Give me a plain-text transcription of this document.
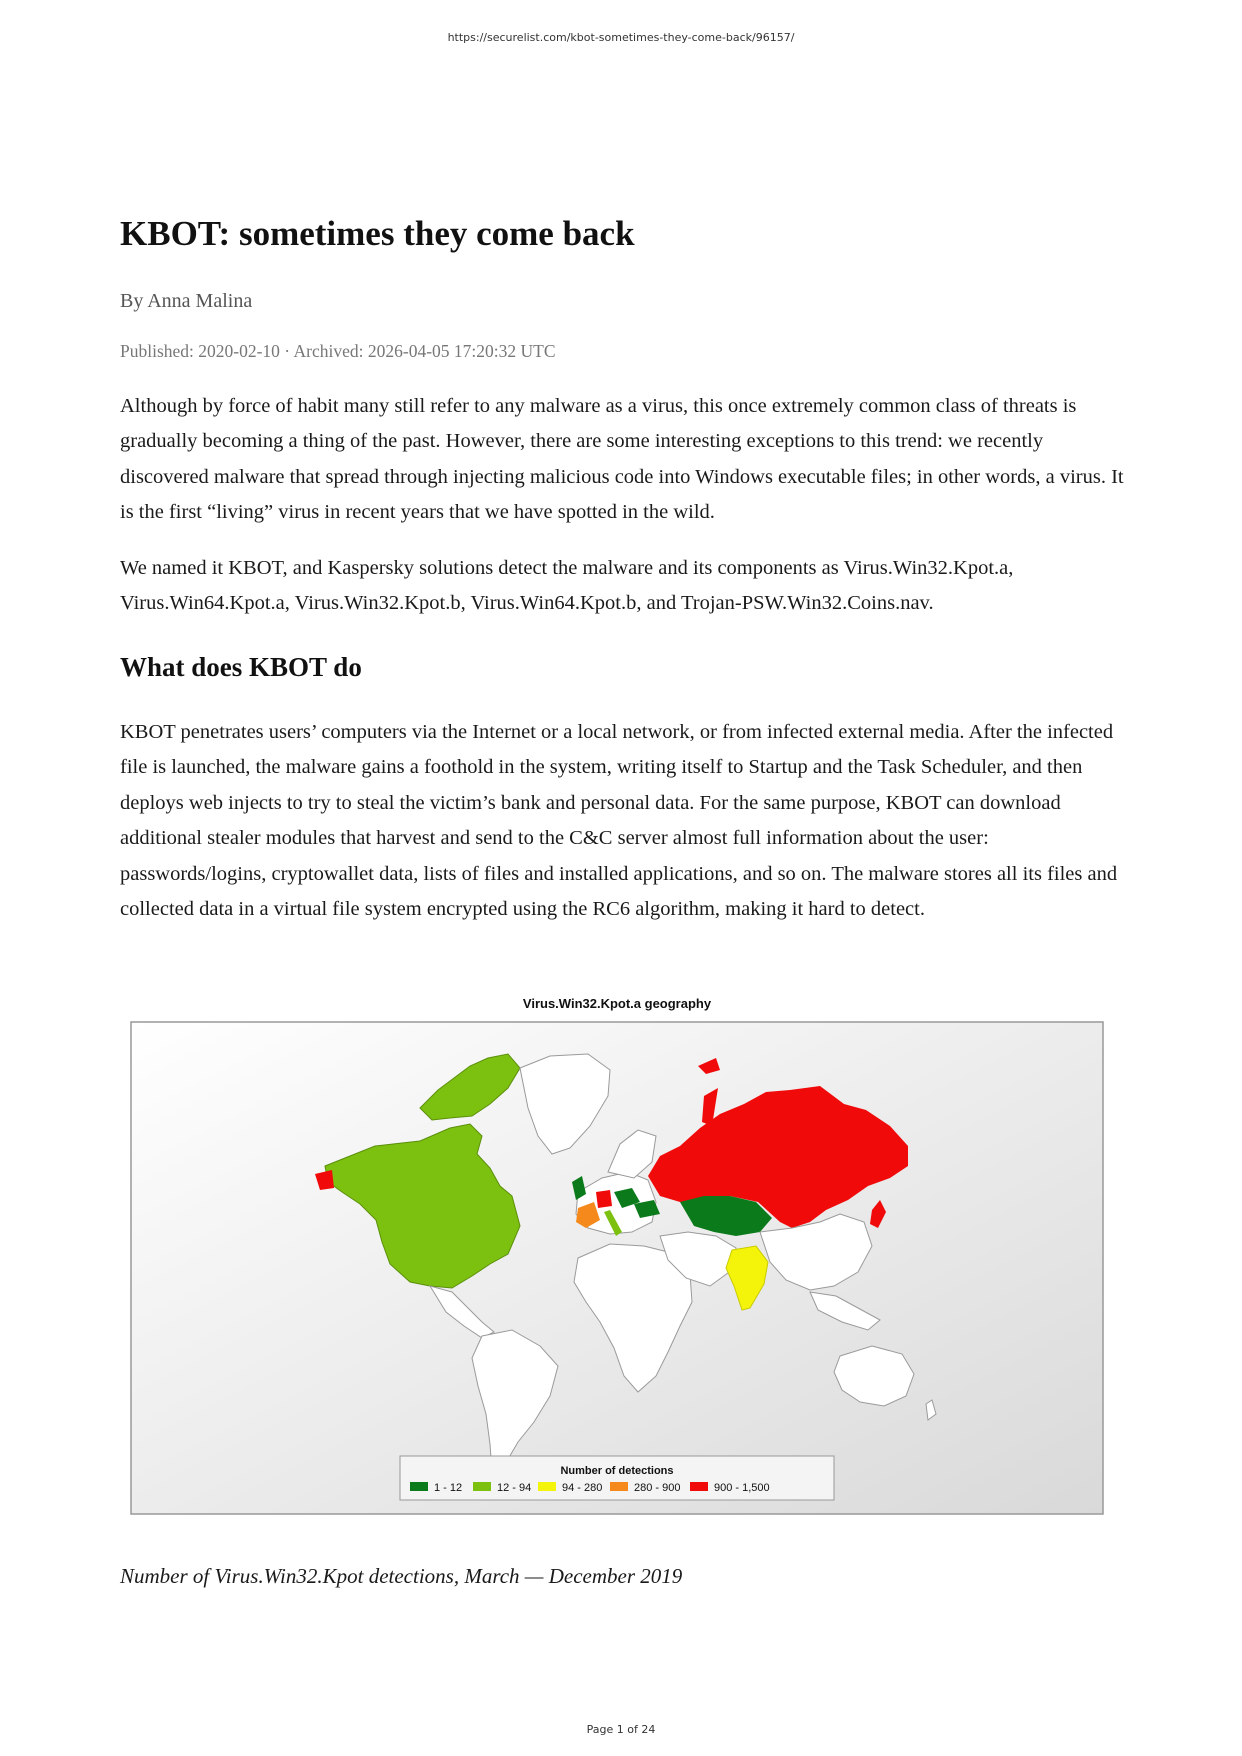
https://securelist.com/kbot-sometimes-they-come-back/96157/
KBOT: sometimes they come back
By Anna Malina
Published: 2020-02-10 · Archived: 2026-04-05 17:20:32 UTC

Although by force of habit many still refer to any malware as a virus, this once extremely common class of threats is gradually becoming a thing of the past. However, there are some interesting exceptions to this trend: we recently discovered malware that spread through injecting malicious code into Windows executable files; in other words, a virus. It is the first “living” virus in recent years that we have spotted in the wild.

We named it KBOT, and Kaspersky solutions detect the malware and its components as Virus.Win32.Kpot.a, Virus.Win64.Kpot.a, Virus.Win32.Kpot.b, Virus.Win64.Kpot.b, and Trojan-PSW.Win32.Coins.nav.

What does KBOT do

KBOT penetrates users’ computers via the Internet or a local network, or from infected external media. After the infected file is launched, the malware gains a foothold in the system, writing itself to Startup and the Task Scheduler, and then deploys web injects to try to steal the victim’s bank and personal data. For the same purpose, KBOT can download additional stealer modules that harvest and send to the C&C server almost full information about the user: passwords/logins, cryptowallet data, lists of files and installed applications, and so on. The malware stores all its files and collected data in a virtual file system encrypted using the RC6 algorithm, making it hard to detect.

Virus.Win32.Kpot.a geography
Number of detections
1 - 12	12 - 94	94 - 280	280 - 900	900 - 1,500
Number of Virus.Win32.Kpot detections, March — December 2019
Page 1 of 24
